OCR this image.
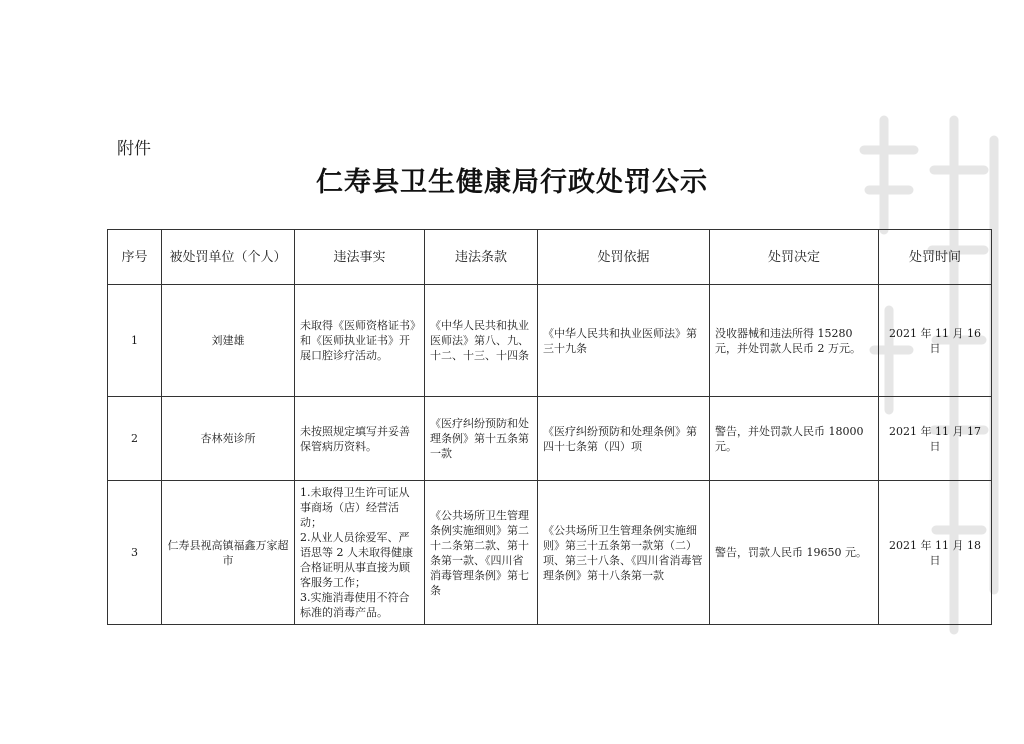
附件
仁寿县卫生健康局行政处罚公示
序号	被处罚单位（个人）	违法事实	违法条款	处罚依据	处罚决定	处罚时间
1	刘建雄	未取得《医师资格证书》和《医师执业证书》开展口腔诊疗活动。	《中华人民共和执业医师法》第八、九、十二、十三、十四条	《中华人民共和执业医师法》第三十九条	没收器械和违法所得 15280 元，并处罚款人民币 2 万元。	2021 年 11 月 16 日
2	杏林苑诊所	未按照规定填写并妥善保管病历资料。	《医疗纠纷预防和处理条例》第十五条第一款	《医疗纠纷预防和处理条例》第四十七条第（四）项	警告，并处罚款人民币 18000 元。	2021 年 11 月 17 日
3	仁寿县视高镇福鑫万家超市	1.未取得卫生许可证从事商场（店）经营活动；
2.从业人员徐爱军、严语思等 2 人未取得健康合格证明从事直接为顾客服务工作；
3.实施消毒使用不符合标准的消毒产品。	《公共场所卫生管理条例实施细则》第二十二条第二款、第十条第一款、《四川省消毒管理条例》第七条	《公共场所卫生管理条例实施细则》第三十五条第一款第（二）项、第三十八条、《四川省消毒管理条例》第十八条第一款	警告，罚款人民币 19650 元。	2021 年 11 月 18 日
